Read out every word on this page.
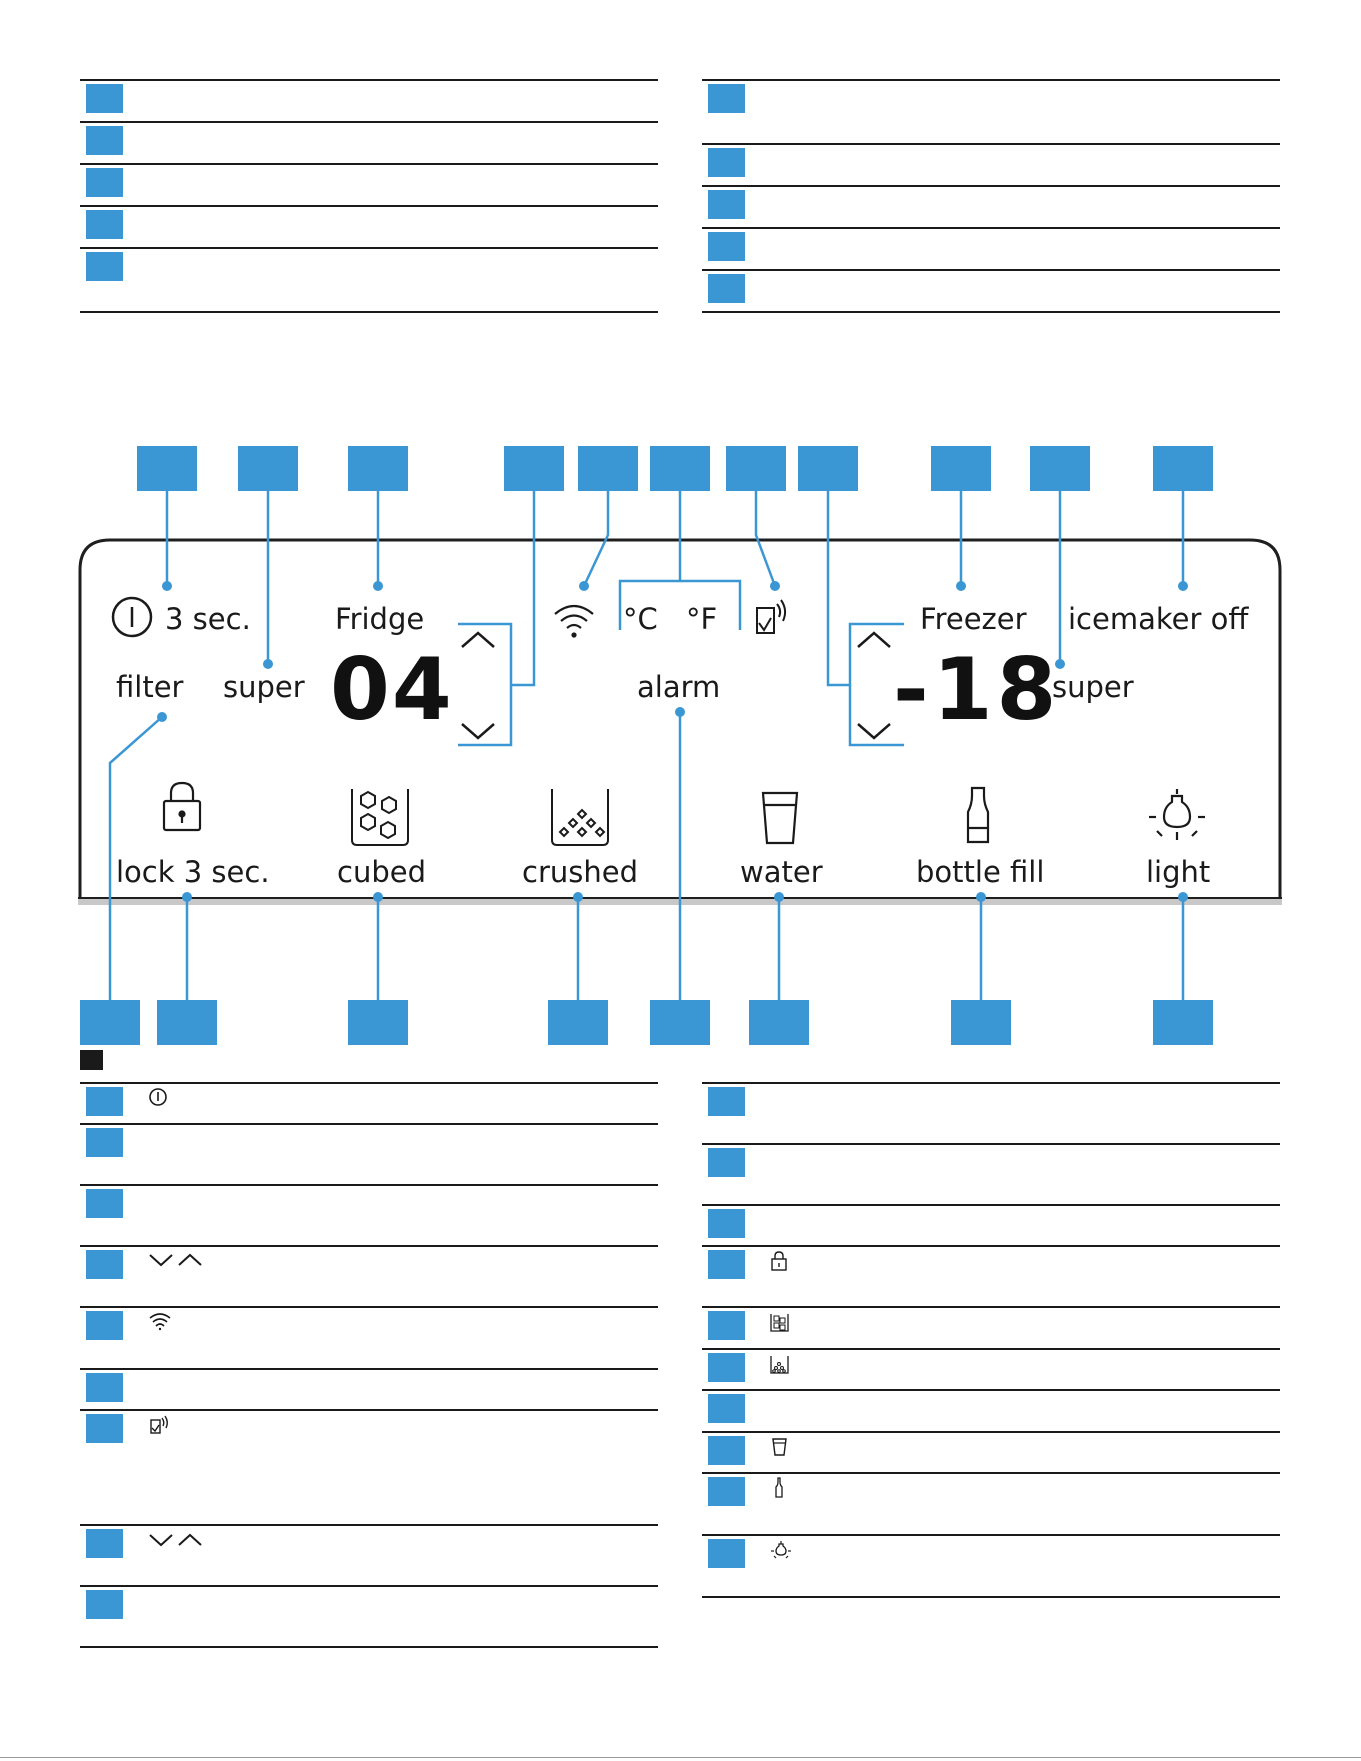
3 sec.	Fridge
filter super 04
°C °F
alarm -18
Freezer icemaker off
super
lock 3 sec. cubed	crushed	water	bottle fill	light
